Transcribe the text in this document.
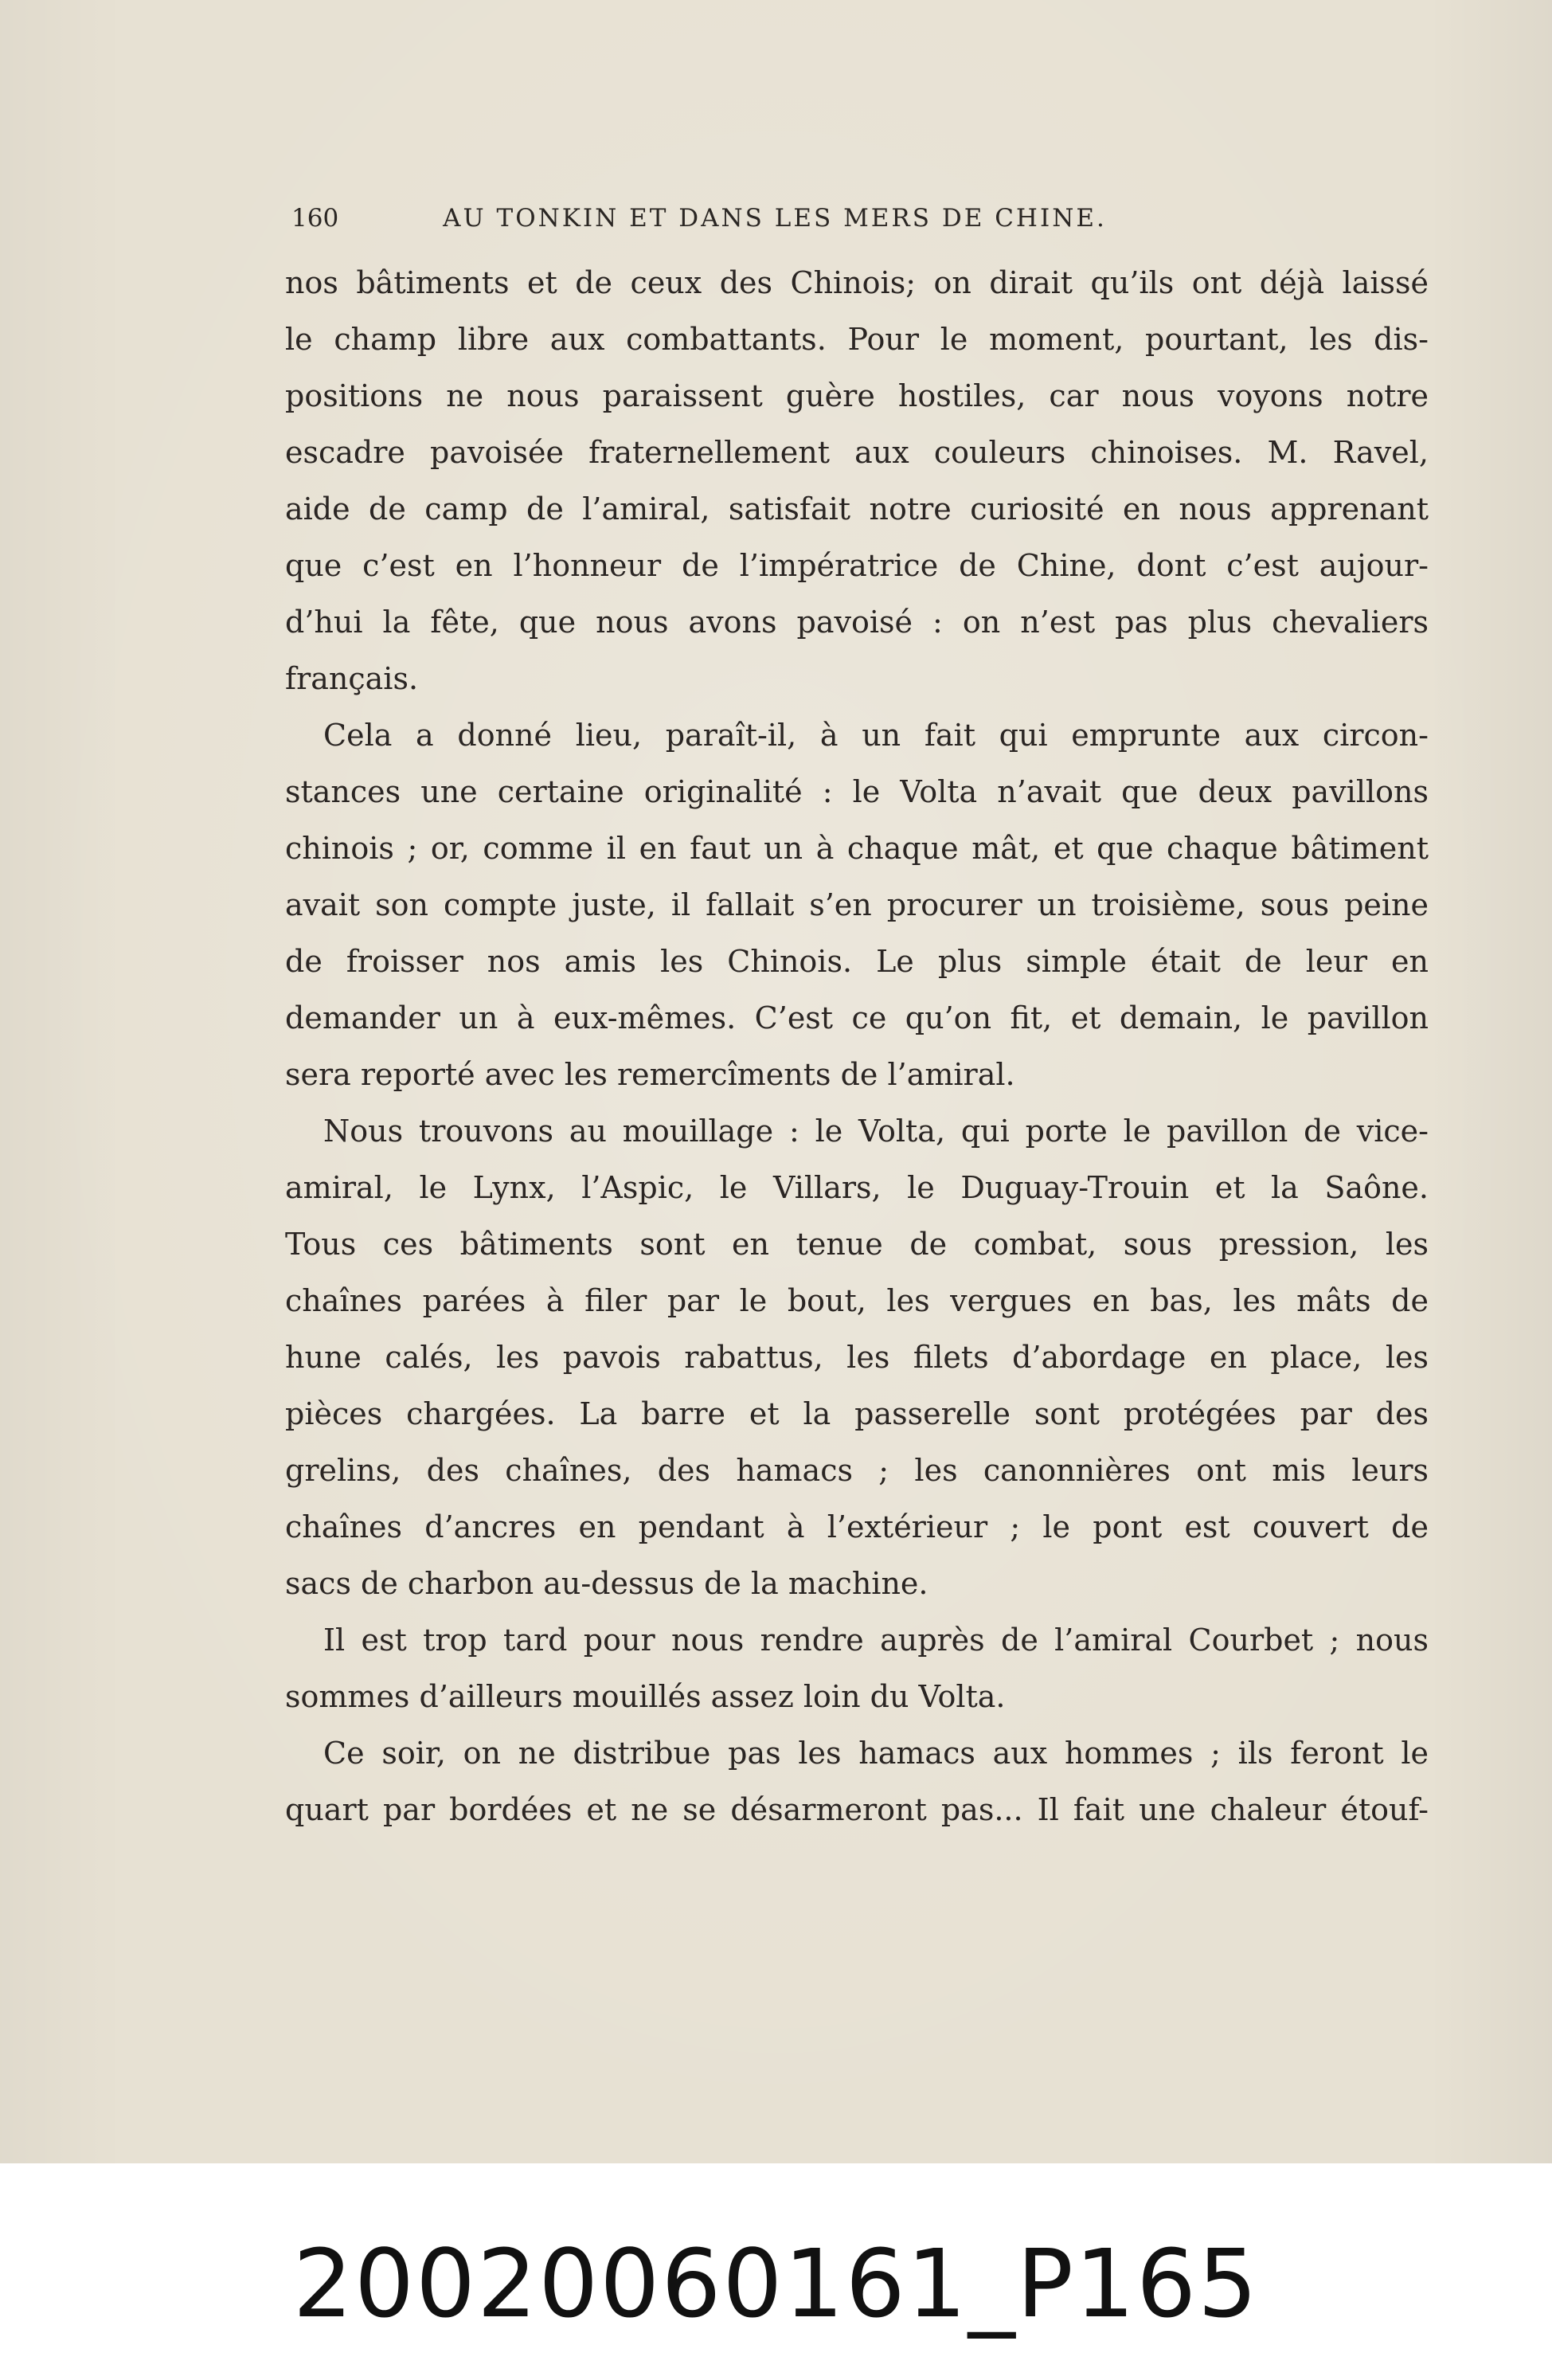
160	AU TONKIN ET DANS LES MERS DE CHINE.
nos bâtiments et de ceux des Chinois; on dirait qu’ils ont déjà laissé
le champ libre aux combattants. Pour le moment, pourtant, les dis-
positions ne nous paraissent guère hostiles, car nous voyons notre
escadre pavoisée fraternellement aux couleurs chinoises. M. Ravel,
aide de camp de l’amiral, satisfait notre curiosité en nous apprenant
que c’est en l’honneur de l’impératrice de Chine, dont c’est aujour-
d’hui la fête, que nous avons pavoisé : on n’est pas plus chevaliers
français.
Cela a donné lieu, paraît-il, à un fait qui emprunte aux circon-
stances une certaine originalité : le Volta n’avait que deux pavillons
chinois ; or, comme il en faut un à chaque mât, et que chaque bâtiment
avait son compte juste, il fallait s’en procurer un troisième, sous peine
de froisser nos amis les Chinois. Le plus simple était de leur en
demander un à eux-mêmes. C’est ce qu’on fit, et demain, le pavillon
sera reporté avec les remercîments de l’amiral.
Nous trouvons au mouillage : le Volta, qui porte le pavillon de vice-
amiral, le Lynx, l’Aspic, le Villars, le Duguay-Trouin et la Saône.
Tous ces bâtiments sont en tenue de combat, sous pression, les
chaînes parées à filer par le bout, les vergues en bas, les mâts de
hune calés, les pavois rabattus, les filets d’abordage en place, les
pièces chargées. La barre et la passerelle sont protégées par des
grelins, des chaînes, des hamacs ; les canonnières ont mis leurs
chaînes d’ancres en pendant à l’extérieur ; le pont est couvert de
sacs de charbon au-dessus de la machine.
Il est trop tard pour nous rendre auprès de l’amiral Courbet ; nous
sommes d’ailleurs mouillés assez loin du Volta.
Ce soir, on ne distribue pas les hamacs aux hommes ; ils feront le
quart par bordées et ne se désarmeront pas... Il fait une chaleur étouf-
20020060161_P165
